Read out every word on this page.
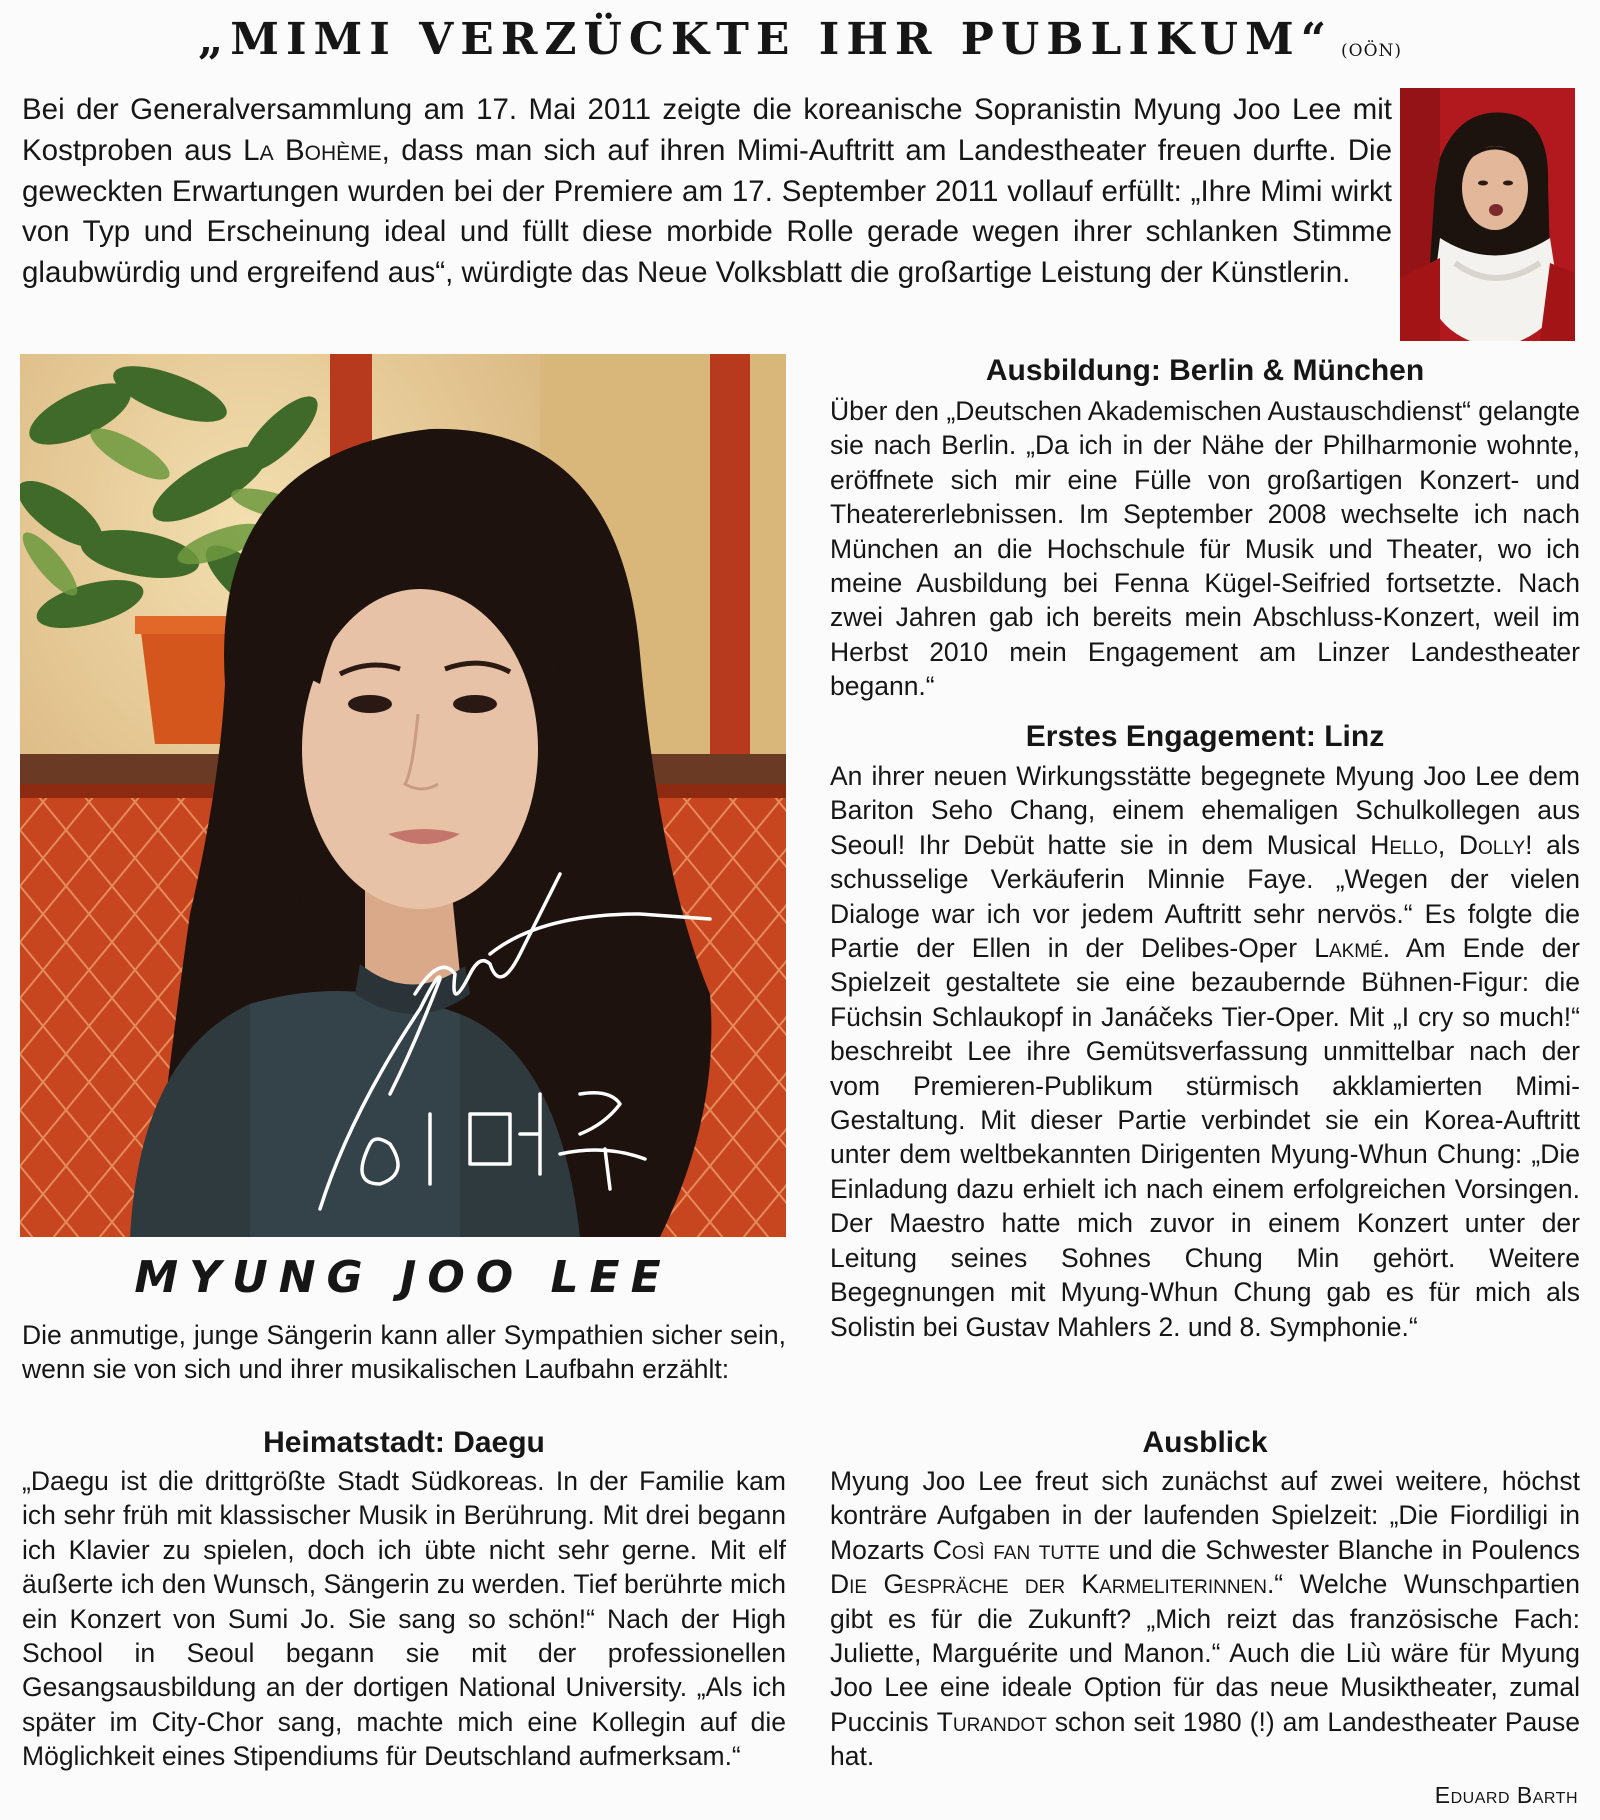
„MIMI VERZÜCKTE IHR PUBLIKUM“ (OÖN)

Bei der Generalversammlung am 17. Mai 2011 zeigte die koreanische Sopranistin Myung Joo Lee mit Kostproben aus La Bohème, dass man sich auf ihren Mimi-Auftritt am Landestheater freuen durfte. Die geweckten Erwartungen wurden bei der Premiere am 17. September 2011 vollauf erfüllt: „Ihre Mimi wirkt von Typ und Erscheinung ideal und füllt diese morbide Rolle gerade wegen ihrer schlanken Stimme glaubwürdig und ergreifend aus“, würdigte das Neue Volksblatt die großartige Leistung der Künstlerin.

MYUNG JOO LEE

Die anmutige, junge Sängerin kann aller Sympathien sicher sein, wenn sie von sich und ihrer musikalischen Laufbahn erzählt:

Heimatstadt: Daegu

„Daegu ist die drittgrößte Stadt Südkoreas. In der Familie kam ich sehr früh mit klassischer Musik in Berührung. Mit drei begann ich Klavier zu spielen, doch ich übte nicht sehr gerne. Mit elf äußerte ich den Wunsch, Sängerin zu werden. Tief berührte mich ein Konzert von Sumi Jo. Sie sang so schön!“ Nach der High School in Seoul begann sie mit der professionellen Gesangsausbildung an der dortigen National University. „Als ich später im City-Chor sang, machte mich eine Kollegin auf die Möglichkeit eines Stipendiums für Deutschland aufmerksam.“

Ausbildung: Berlin & München

Über den „Deutschen Akademischen Austauschdienst“ gelangte sie nach Berlin. „Da ich in der Nähe der Philharmonie wohnte, eröffnete sich mir eine Fülle von großartigen Konzert- und Theatererlebnissen. Im September 2008 wechselte ich nach München an die Hochschule für Musik und Theater, wo ich meine Ausbildung bei Fenna Kügel-Seifried fortsetzte. Nach zwei Jahren gab ich bereits mein Abschluss-Konzert, weil im Herbst 2010 mein Engagement am Linzer Landestheater begann.“

Erstes Engagement: Linz

An ihrer neuen Wirkungsstätte begegnete Myung Joo Lee dem Bariton Seho Chang, einem ehemaligen Schulkollegen aus Seoul! Ihr Debüt hatte sie in dem Musical Hello, Dolly! als schusselige Verkäuferin Minnie Faye. „Wegen der vielen Dialoge war ich vor jedem Auftritt sehr nervös.“ Es folgte die Partie der Ellen in der Delibes-Oper Lakmé. Am Ende der Spielzeit gestaltete sie eine bezaubernde Bühnen-Figur: die Füchsin Schlaukopf in Janáčeks Tier-Oper. Mit „I cry so much!“ beschreibt Lee ihre Gemütsverfassung unmittelbar nach der vom Premieren-Publikum stürmisch akklamierten Mimi-Gestaltung. Mit dieser Partie verbindet sie ein Korea-Auftritt unter dem weltbekannten Dirigenten Myung-Whun Chung: „Die Einladung dazu erhielt ich nach einem erfolgreichen Vorsingen. Der Maestro hatte mich zuvor in einem Konzert unter der Leitung seines Sohnes Chung Min gehört. Weitere Begegnungen mit Myung-Whun Chung gab es für mich als Solistin bei Gustav Mahlers 2. und 8. Symphonie.“

Ausblick

Myung Joo Lee freut sich zunächst auf zwei weitere, höchst konträre Aufgaben in der laufenden Spielzeit: „Die Fiordiligi in Mozarts Così fan tutte und die Schwester Blanche in Poulencs Die Gespräche der Karmeliterinnen.“ Welche Wunschpartien gibt es für die Zukunft? „Mich reizt das französische Fach: Juliette, Marguérite und Manon.“ Auch die Liù wäre für Myung Joo Lee eine ideale Option für das neue Musiktheater, zumal Puccinis Turandot schon seit 1980 (!) am Landestheater Pause hat.

Eduard Barth
